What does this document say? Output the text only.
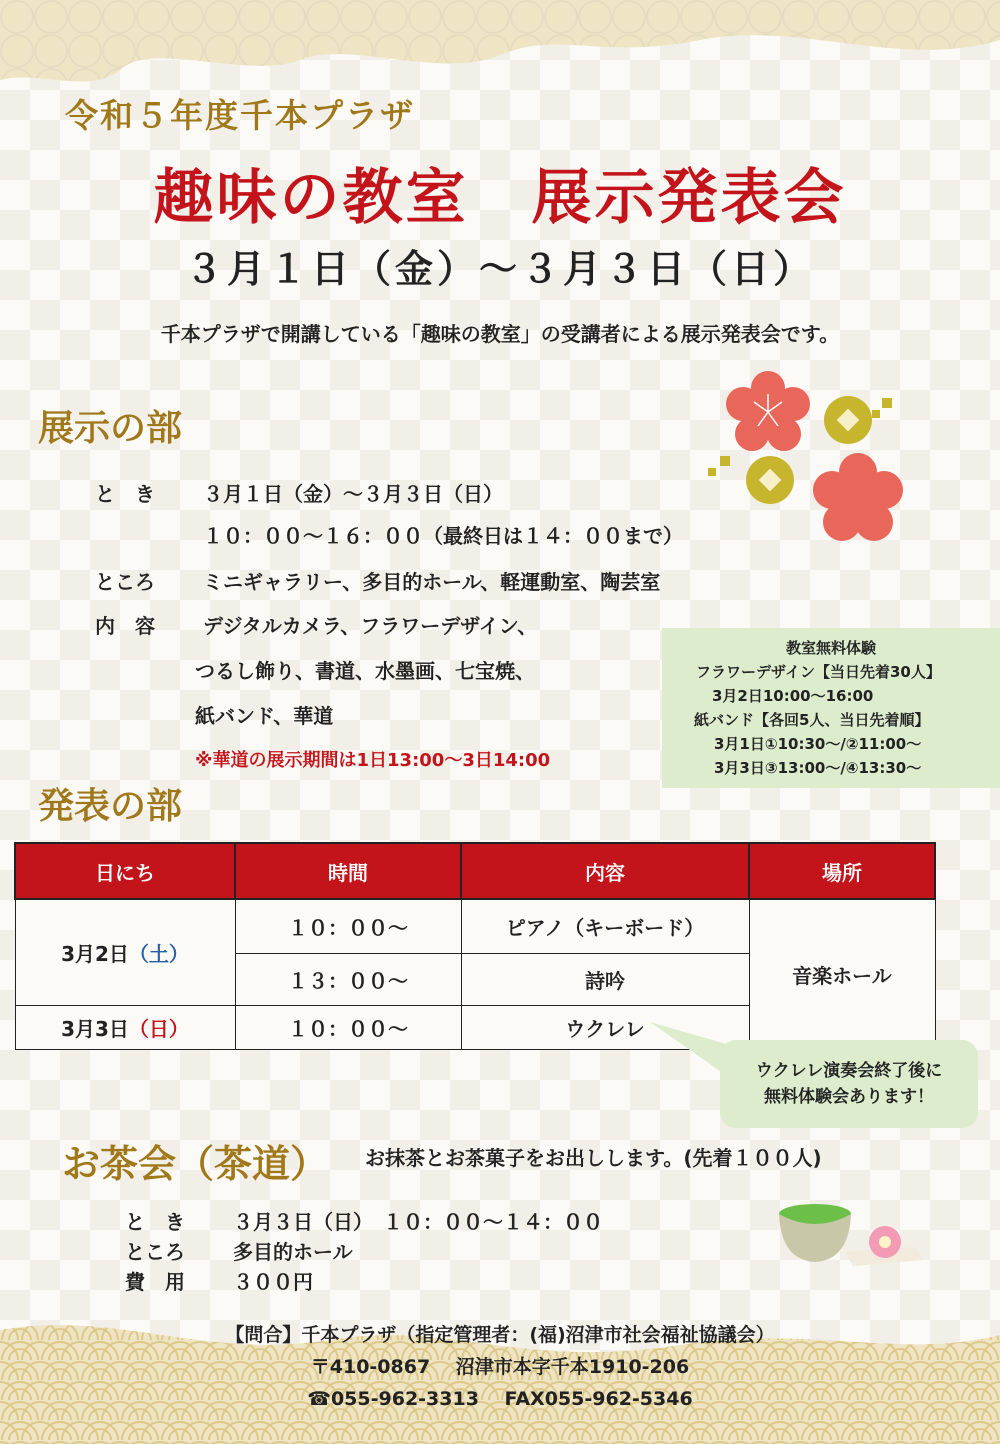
令和５年度千本プラザ
趣味の教室　展示発表会
３月１日（金）～３月３日（日）
千本プラザで開講している「趣味の教室」の受講者による展示発表会です。
展示の部
と　き ３月１日（金）～３月３日（日）
１０：００～１６：００（最終日は１４：００まで）
ところ ミニギャラリー、多目的ホール、軽運動室、陶芸室
内　容 デジタルカメラ、フラワーデザイン、
つるし飾り、書道、水墨画、七宝焼、
紙バンド、華道
※華道の展示期間は1日13:00～3日14:00
教室無料体験
フラワーデザイン【当日先着30人】
3月2日10:00～16:00
紙バンド【各回5人、当日先着順】
3月1日①10:30～/②11:00～
3月3日③13:00～/④13:30～
発表の部
日にち	時間	内容	場所
3月2日（土）	１０：００～	ピアノ（キーボード）	音楽ホール
	１３：００～	詩吟	
3月3日（日）	１０：００～	ウクレレ	
ウクレレ演奏会終了後に
無料体験会あります！
お茶会（茶道） お抹茶とお茶菓子をお出しします。(先着１００人)
と　き ３月３日（日）　１０：００～１４：００
ところ 多目的ホール
費　用 ３００円
【問合】千本プラザ（指定管理者：(福)沼津市社会福祉協議会）
〒410-0867　 沼津市本字千本1910-206
☎055-962-3313　 FAX055-962-5346
